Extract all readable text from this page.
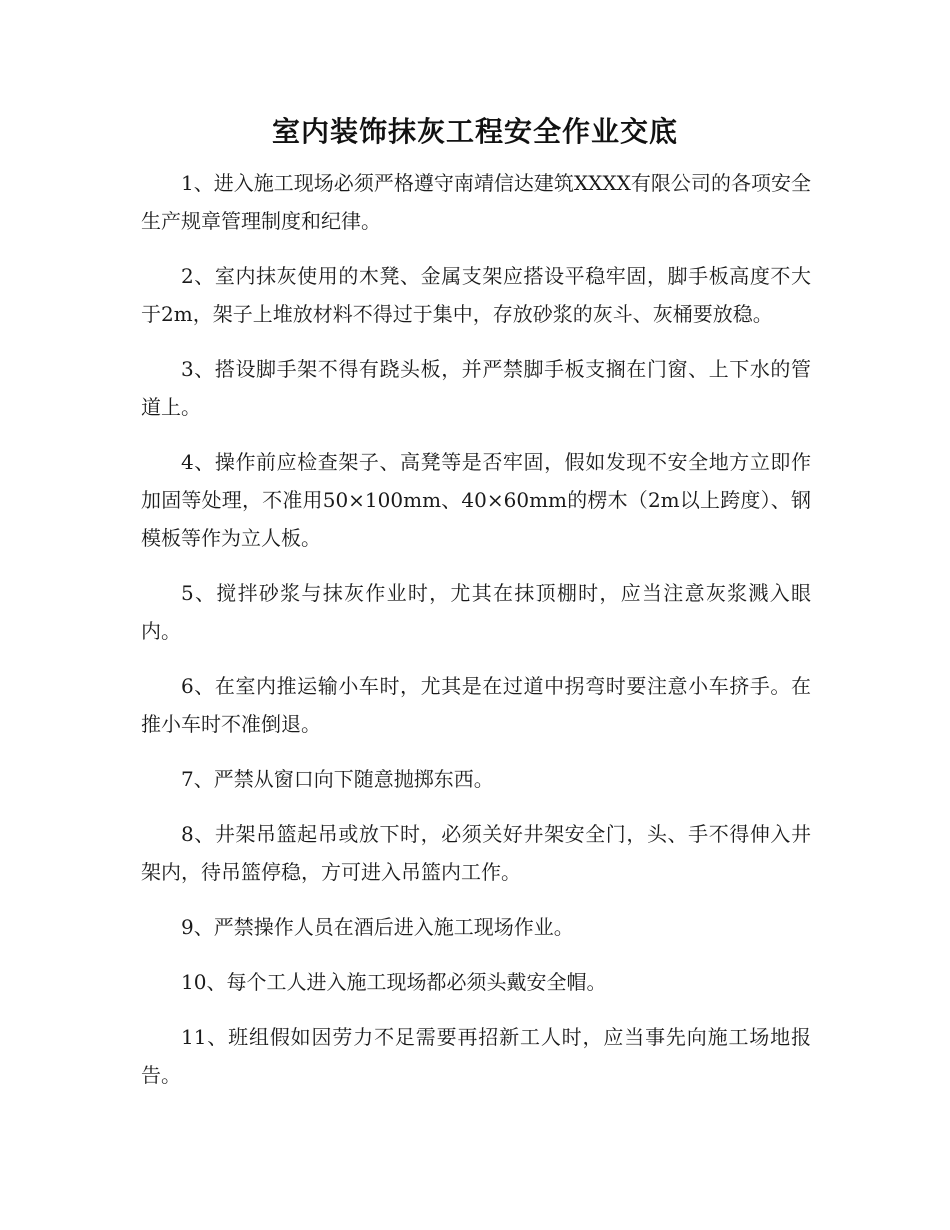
室内装饰抹灰工程安全作业交底

1、进入施工现场必须严格遵守南靖信达建筑XXXX有限公司的各项安全生产规章管理制度和纪律。

2、室内抹灰使用的木凳、金属支架应搭设平稳牢固，脚手板高度不大于2m，架子上堆放材料不得过于集中，存放砂浆的灰斗、灰桶要放稳。

3、搭设脚手架不得有跷头板，并严禁脚手板支搁在门窗、上下水的管道上。

4、操作前应检查架子、高凳等是否牢固，假如发现不安全地方立即作加固等处理，不准用50×100mm、40×60mm的楞木（2m以上跨度）、钢模板等作为立人板。

5、搅拌砂浆与抹灰作业时，尤其在抹顶棚时，应当注意灰浆溅入眼内。

6、在室内推运输小车时，尤其是在过道中拐弯时要注意小车挤手。在推小车时不准倒退。

7、严禁从窗口向下随意抛掷东西。

8、井架吊篮起吊或放下时，必须关好井架安全门，头、手不得伸入井架内，待吊篮停稳，方可进入吊篮内工作。

9、严禁操作人员在酒后进入施工现场作业。

10、每个工人进入施工现场都必须头戴安全帽。

11、班组假如因劳力不足需要再招新工人时，应当事先向施工场地报告。
